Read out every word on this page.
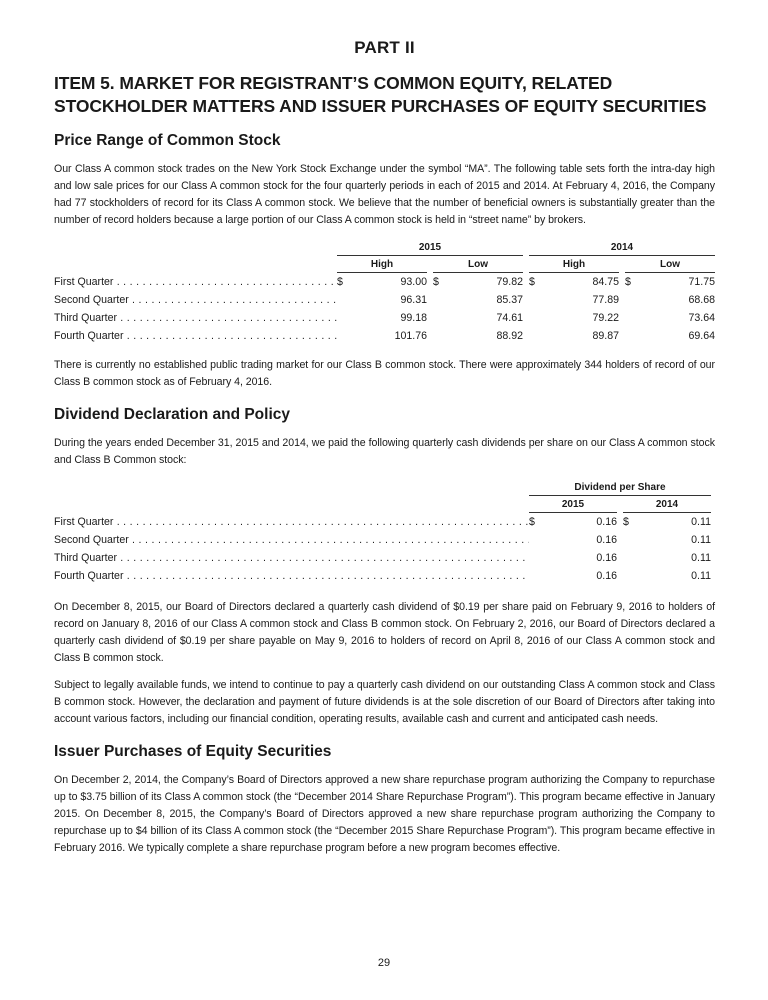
PART II
ITEM 5. MARKET FOR REGISTRANT’S COMMON EQUITY, RELATED STOCKHOLDER MATTERS AND ISSUER PURCHASES OF EQUITY SECURITIES
Price Range of Common Stock

Our Class A common stock trades on the New York Stock Exchange under the symbol “MA”. The following table sets forth the intra-day high and low sale prices for our Class A common stock for the four quarterly periods in each of 2015 and 2014. At February 4, 2016, the Company had 77 stockholders of record for its Class A common stock. We believe that the number of beneficial owners is substantially greater than the number of record holders because a large portion of our Class A common stock is held in “street name” by brokers.

2015	2014
High	Low	High	Low
First Quarter . . .	$	93.00 $	79.82 $	84.75 $	71.75
Second Quarter . . .	96.31	85.37	77.89	68.68
Third Quarter . . .	99.18	74.61	79.22	73.64
Fourth Quarter . . .	101.76	88.92	89.87	69.64

There is currently no established public trading market for our Class B common stock. There were approximately 344 holders of record of our Class B common stock as of February 4, 2016.

Dividend Declaration and Policy

During the years ended December 31, 2015 and 2014, we paid the following quarterly cash dividends per share on our Class A common stock and Class B Common stock:

Dividend per Share
2015	2014
First Quarter . . .	$	0.16 $	0.11
Second Quarter . . .	0.16	0.11
Third Quarter . . .	0.16	0.11
Fourth Quarter . . .	0.16	0.11

On December 8, 2015, our Board of Directors declared a quarterly cash dividend of $0.19 per share paid on February 9, 2016 to holders of record on January 8, 2016 of our Class A common stock and Class B common stock. On February 2, 2016, our Board of Directors declared a quarterly cash dividend of $0.19 per share payable on May 9, 2016 to holders of record on April 8, 2016 of our Class A common stock and Class B common stock.

Subject to legally available funds, we intend to continue to pay a quarterly cash dividend on our outstanding Class A common stock and Class B common stock. However, the declaration and payment of future dividends is at the sole discretion of our Board of Directors after taking into account various factors, including our financial condition, operating results, available cash and current and anticipated cash needs.

Issuer Purchases of Equity Securities

On December 2, 2014, the Company’s Board of Directors approved a new share repurchase program authorizing the Company to repurchase up to $3.75 billion of its Class A common stock (the “December 2014 Share Repurchase Program”). This program became effective in January 2015. On December 8, 2015, the Company’s Board of Directors approved a new share repurchase program authorizing the Company to repurchase up to $4 billion of its Class A common stock (the “December 2015 Share Repurchase Program”). This program became effective in February 2016. We typically complete a share repurchase program before a new program becomes effective.

29
